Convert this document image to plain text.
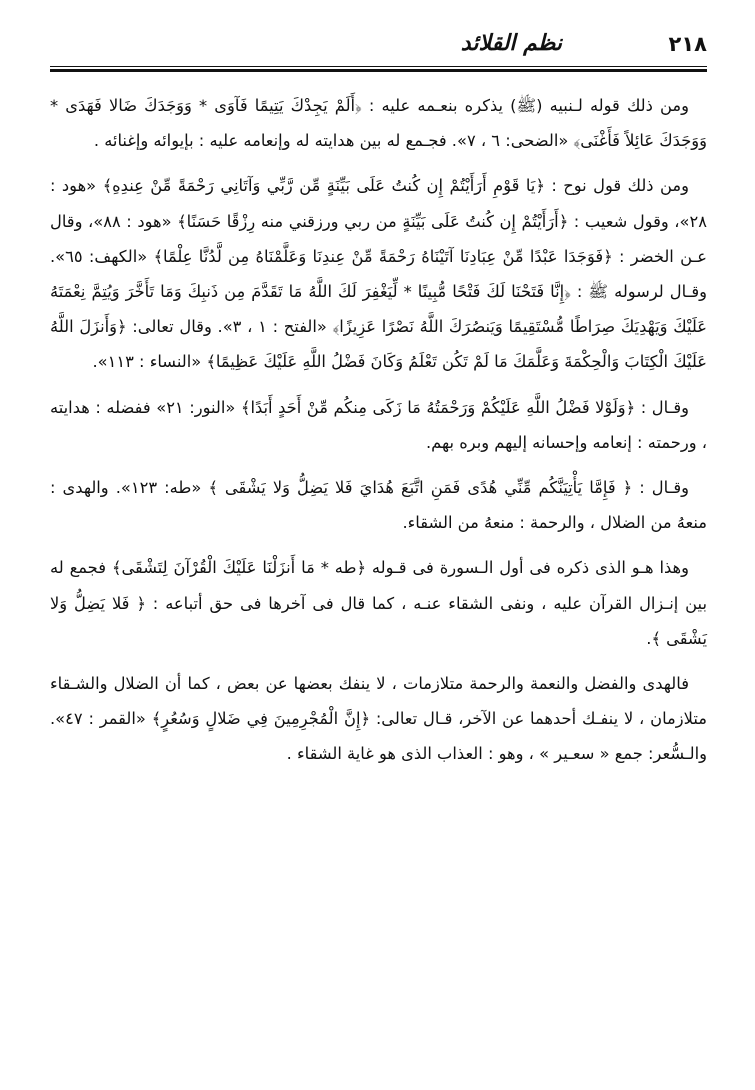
٢١٨
نظم القلائد

ومن ذلك قوله لـنبيه (ﷺ) يذكره بنعـمه عليه : ﴿أَلَمْ يَجِدْكَ يَتِيمًا فَآوَى * وَوَجَدَكَ ضَالا فَهَدَى * وَوَجَدَكَ عَائِلاً فَأَغْنَى﴾ «الضحى: ٦ ، ٧». فجـمع له بين هدايته له وإنعامه عليه : بإيوائه وإغنائه .

ومن ذلك قول نوح : ﴿يَا قَوْمِ أَرَأَيْتُمْ إِن كُنتُ عَلَى بَيِّنَةٍ مِّن رَّبِّي وَآتَانِي رَحْمَةً مِّنْ عِندِهِ﴾ «هود : ٢٨»، وقول شعيب : ﴿أَرَأَيْتُمْ إِن كُنتُ عَلَى بَيِّنَةٍ من ربي ورزقني منه رِزْقًا حَسَنًا﴾ «هود : ٨٨»، وقال عـن الخضر : ﴿فَوَجَدَا عَبْدًا مِّنْ عِبَادِنَا آتَيْنَاهُ رَحْمَةً مِّنْ عِندِنَا وَعَلَّمْنَاهُ مِن لَّدُنَّا عِلْمًا﴾ «الكهف: ٦٥». وقـال لرسوله ﷺ : ﴿إِنَّا فَتَحْنَا لَكَ فَتْحًا مُّبِينًا * لِّيَغْفِرَ لَكَ اللَّهُ مَا تَقَدَّمَ مِن ذَنبِكَ وَمَا تَأَخَّرَ وَيُتِمَّ نِعْمَتَهُ عَلَيْكَ وَيَهْدِيَكَ صِرَاطًا مُّسْتَقِيمًا وَيَنصُرَكَ اللَّهُ نَصْرًا عَزِيزًا﴾ «الفتح : ١ ، ٣». وقال تعالى: ﴿وَأَنزَلَ اللَّهُ عَلَيْكَ الْكِتَابَ وَالْحِكْمَةَ وَعَلَّمَكَ مَا لَمْ تَكُن تَعْلَمُ وَكَانَ فَضْلُ اللَّهِ عَلَيْكَ عَظِيمًا﴾ «النساء : ١١٣».

وقـال : ﴿وَلَوْلا فَضْلُ اللَّهِ عَلَيْكُمْ وَرَحْمَتُهُ مَا زَكَى مِنكُم مِّنْ أَحَدٍ أَبَدًا﴾ «النور: ٢١» ففضله : هدايته ، ورحمته : إنعامه وإحسانه إليهم وبره بهم.

وقـال : ﴿ فَإِمَّا يَأْتِيَنَّكُم مِّنِّي هُدًى فَمَنِ اتَّبَعَ هُدَايَ فَلا يَضِلُّ وَلا يَشْقَى ﴾ «طه: ١٢٣». والهدى : منعهُ من الضلال ، والرحمة : منعهُ من الشقاء.

وهذا هـو الذى ذكره فى أول الـسورة فى قـوله ﴿طه * مَا أَنزَلْنَا عَلَيْكَ الْقُرْآنَ لِتَشْقَى﴾ فجمع له بين إنـزال القرآن عليه ، ونفى الشقاء عنـه ، كما قال فى آخرها فى حق أتباعه : ﴿ فَلا يَضِلُّ وَلا يَشْقَى ﴾.

فالهدى والفضل والنعمة والرحمة متلازمات ، لا ينفك بعضها عن بعض ، كما أن الضلال والشـقاء متلازمان ، لا ينفـك أحدهما عن الآخر، قـال تعالى: ﴿إِنَّ الْمُجْرِمِينَ فِي ضَلالٍ وَسُعُرٍ﴾ «القمر : ٤٧». والـسُّعر: جمع « سعـير » ، وهو : العذاب الذى هو غاية الشقاء .
